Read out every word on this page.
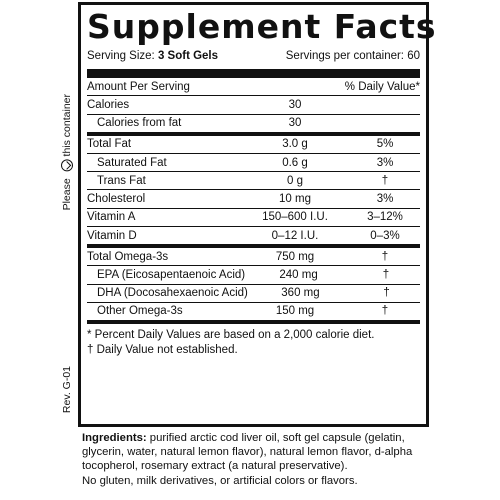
Please  this container
Rev. G-01
Supplement Facts
Serving Size: 3 Soft Gels	Servings per container: 60
Amount Per Serving	% Daily Value*
Calories	30
Calories from fat	30
Total Fat	3.0 g	5%
Saturated Fat	0.6 g	3%
Trans Fat	0 g	†
Cholesterol	10 mg	3%
Vitamin A	150–600 I.U.	3–12%
Vitamin D	0–12 I.U.	0–3%
Total Omega-3s	750 mg	†
EPA (Eicosapentaenoic Acid)	240 mg	†
DHA (Docosahexaenoic Acid)	360 mg	†
Other Omega-3s	150 mg	†
* Percent Daily Values are based on a 2,000 calorie diet.
† Daily Value not established.
Ingredients: purified arctic cod liver oil, soft gel capsule (gelatin, glycerin, water, natural lemon flavor), natural lemon flavor, d-alpha tocopherol, rosemary extract (a natural preservative).
No gluten, milk derivatives, or artificial colors or flavors.
